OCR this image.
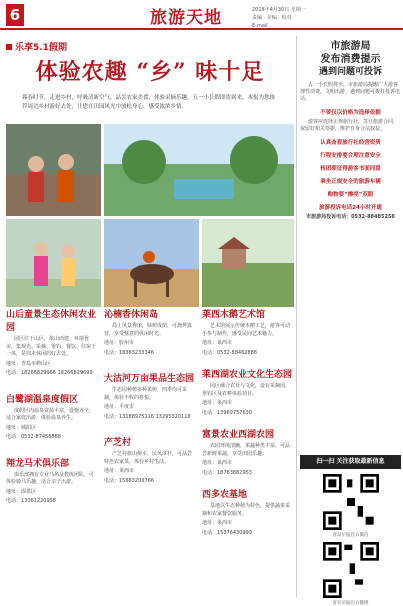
6	旅游天地	2018年4月30日 星期一
责编 · 美编 · 校对
E-mail
乐享5.1假期
体验农趣 “乡” 味十足
暮春时节，走进乡村，呼吸清新空气，品尝农家美食，体验采摘乐趣。五一小长假即将到来，本报为您推荐周边乡村游好去处，让您在田园风光中放松身心，感受浓浓乡情。
山后童景生态休闲农业园
园区位于山区，依山而建，环境优美，集观光、采摘、垂钓、餐饮、住宿于一体，是周末休闲的好去处。
地址：青岛市崂山区
电话：18266829966 18266829699
白鹭湖温泉度假区
度假区内温泉资源丰富，设施齐全，适合家庭出游，体验温泉养生。
地址：城阳区
电话：0532-87456888
翔龙马术俱乐部
俱乐部拥有专业马场及教练团队，可体验骑马乐趣，适合亲子出游。
地址：即墨区
电话：13061220958
沁楠香休闲岛
岛上风景秀丽，绿树成荫，可烧烤露营，享受惬意的休闲时光。
地址：胶州市
电话：18363233346
大沽河万亩果品生态园
生态园种植多种果树，四季均可采摘，体验丰收的喜悦。
地址：平度市
电话：13188975116 13295320118
产芝村
产芝村依山傍水，民风淳朴，可品尝特色农家菜，体验乡村生活。
地址：莱西市
电话：15663203766
莱西木鹅艺术馆
艺术馆展示传统木鹅工艺，游客可动手参与制作，感受民间艺术魅力。
地址：莱西市
电话：0532-88462888
莱西湖农业文化生态园
园区融合农业与文化，设有采摘园、垂钓区及农耕体验项目。
地址：莱西市
电话：13969757630
富景农业西湖农园
农园环境清幽，果蔬种类丰富，可品尝新鲜果蔬，享受田园乐趣。
地址：莱西市
电话：18763882953
西多农基地
基地以生态种植为特色，提供蔬果采摘和农家餐饮服务。
地址：莱西市
电话：15376430999
市旅游局
发布消费提示
遇到问题可投诉
五一小长假将至，市旅游局提醒广大游客理性消费，文明出游，遇到问题可拨打投诉电话。
不要仅以价格为选择依据
游客应选择正规旅行社，签订旅游合同，保留好相关票据，维护自身合法权益。
认真查看旅行社经营资质
行程安排要合理注意安全
转团须征得游客书面同意
乘坐正规安全的旅游车辆
购物要“擦亮”双眼
旅游投诉电话24小时开通
市旅游局投诉电话：0532-88485258
扫一扫 关注获取最新信息
青岛早报官方微信
青岛早报官方微博
